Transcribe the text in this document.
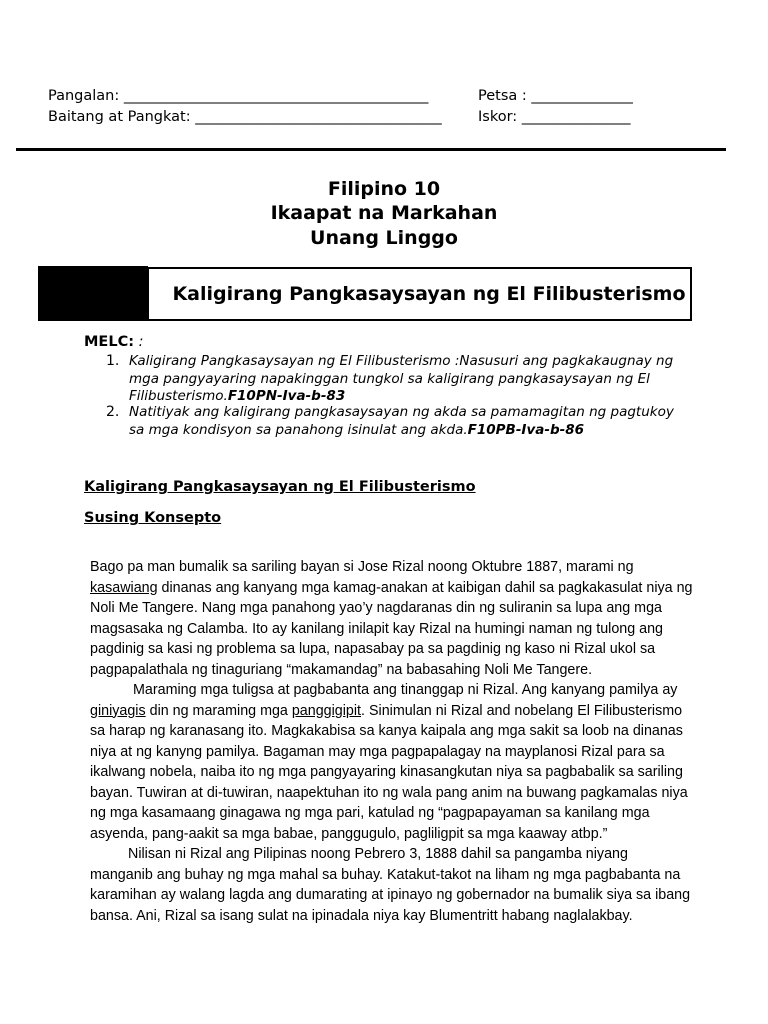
Pangalan: __________________________________________	Petsa : ______________
Baitang at Pangkat: __________________________________	Iskor: _______________
Filipino 10
Ikaapat na Markahan
Unang Linggo
Kaligirang Pangkasaysayan ng El Filibusterismo
MELC: :
1. Kaligirang Pangkasaysayan ng El Filibusterismo :Nasusuri ang pagkakaugnay ng mga pangyayaring napakinggan tungkol sa kaligirang pangkasaysayan ng El Filibusterismo.F10PN-Iva-b-83
2. Natitiyak ang kaligirang pangkasaysayan ng akda sa pamamagitan ng pagtukoy sa mga kondisyon sa panahong isinulat ang akda.F10PB-Iva-b-86
Kaligirang Pangkasaysayan ng El Filibusterismo
Susing Konsepto

Bago pa man bumalik sa sariling bayan si Jose Rizal noong Oktubre 1887, marami ng kasawiang dinanas ang kanyang mga kamag-anakan at kaibigan dahil sa pagkakasulat niya ng Noli Me Tangere. Nang mga panahong yao’y nagdaranas din ng suliranin sa lupa ang mga magsasaka ng Calamba. Ito ay kanilang inilapit kay Rizal na humingi naman ng tulong ang pagdinig sa kasi ng problema sa lupa, napasabay pa sa pagdinig ng kaso ni Rizal ukol sa pagpapalathala ng tinaguriang “makamandag” na babasahing Noli Me Tangere.

Maraming mga tuligsa at pagbabanta ang tinanggap ni Rizal. Ang kanyang pamilya ay giniyagis din ng maraming mga panggigipit. Sinimulan ni Rizal and nobelang El Filibusterismo sa harap ng karanasang ito. Magkakabisa sa kanya kaipala ang mga sakit sa loob na dinanas niya at ng kanyng pamilya. Bagaman may mga pagpapalagay na mayplanosi Rizal para sa ikalwang nobela, naiba ito ng mga pangyayaring kinasangkutan niya sa pagbabalik sa sariling bayan. Tuwiran at di-tuwiran, naapektuhan ito ng wala pang anim na buwang pagkamalas niya ng mga kasamaang ginagawa ng mga pari, katulad ng “pagpapayaman sa kanilang mga asyenda, pang-aakit sa mga babae, panggugulo, pagliligpit sa mga kaaway atbp.”

Nilisan ni Rizal ang Pilipinas noong Pebrero 3, 1888 dahil sa pangamba niyang manganib ang buhay ng mga mahal sa buhay. Katakut-takot na liham ng mga pagbabanta na karamihan ay walang lagda ang dumarating at ipinayo ng gobernador na bumalik siya sa ibang bansa. Ani, Rizal sa isang sulat na ipinadala niya kay Blumentritt habang naglalakbay.
